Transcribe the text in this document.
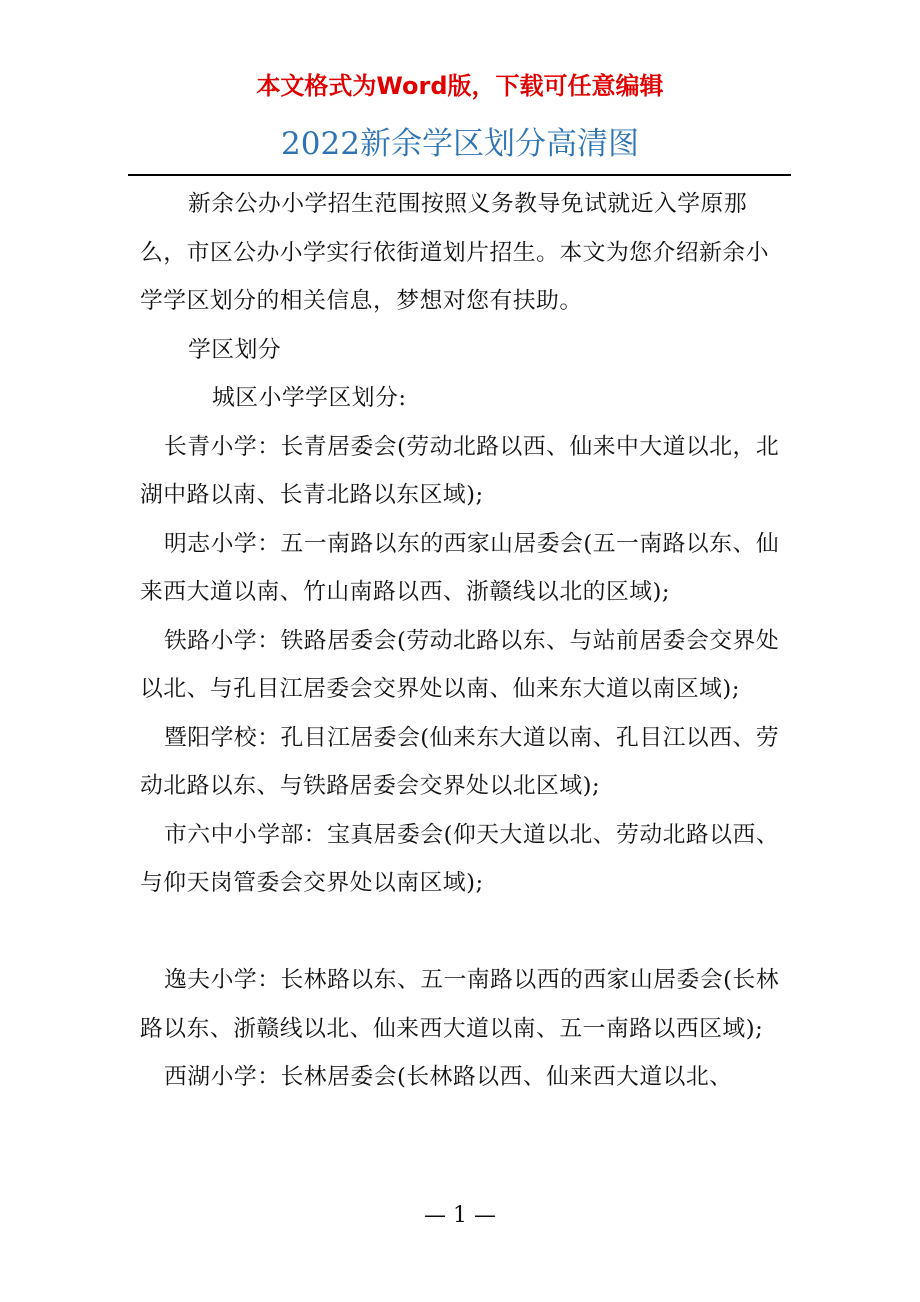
本文格式为Word版，下载可任意编辑
2022新余学区划分高清图

新余公办小学招生范围按照义务教导免试就近入学原那么，市区公办小学实行依街道划片招生。本文为您介绍新余小学学区划分的相关信息，梦想对您有扶助。

学区划分

城区小学学区划分:

长青小学：长青居委会(劳动北路以西、仙来中大道以北，北湖中路以南、长青北路以东区域);

明志小学：五一南路以东的西家山居委会(五一南路以东、仙来西大道以南、竹山南路以西、浙赣线以北的区域);

铁路小学：铁路居委会(劳动北路以东、与站前居委会交界处以北、与孔目江居委会交界处以南、仙来东大道以南区域);

暨阳学校：孔目江居委会(仙来东大道以南、孔目江以西、劳动北路以东、与铁路居委会交界处以北区域);

市六中小学部：宝真居委会(仰天大道以北、劳动北路以西、与仰天岗管委会交界处以南区域);

逸夫小学：长林路以东、五一南路以西的西家山居委会(长林路以东、浙赣线以北、仙来西大道以南、五一南路以西区域);

西湖小学：长林居委会(长林路以西、仙来西大道以北、

— 1 —
